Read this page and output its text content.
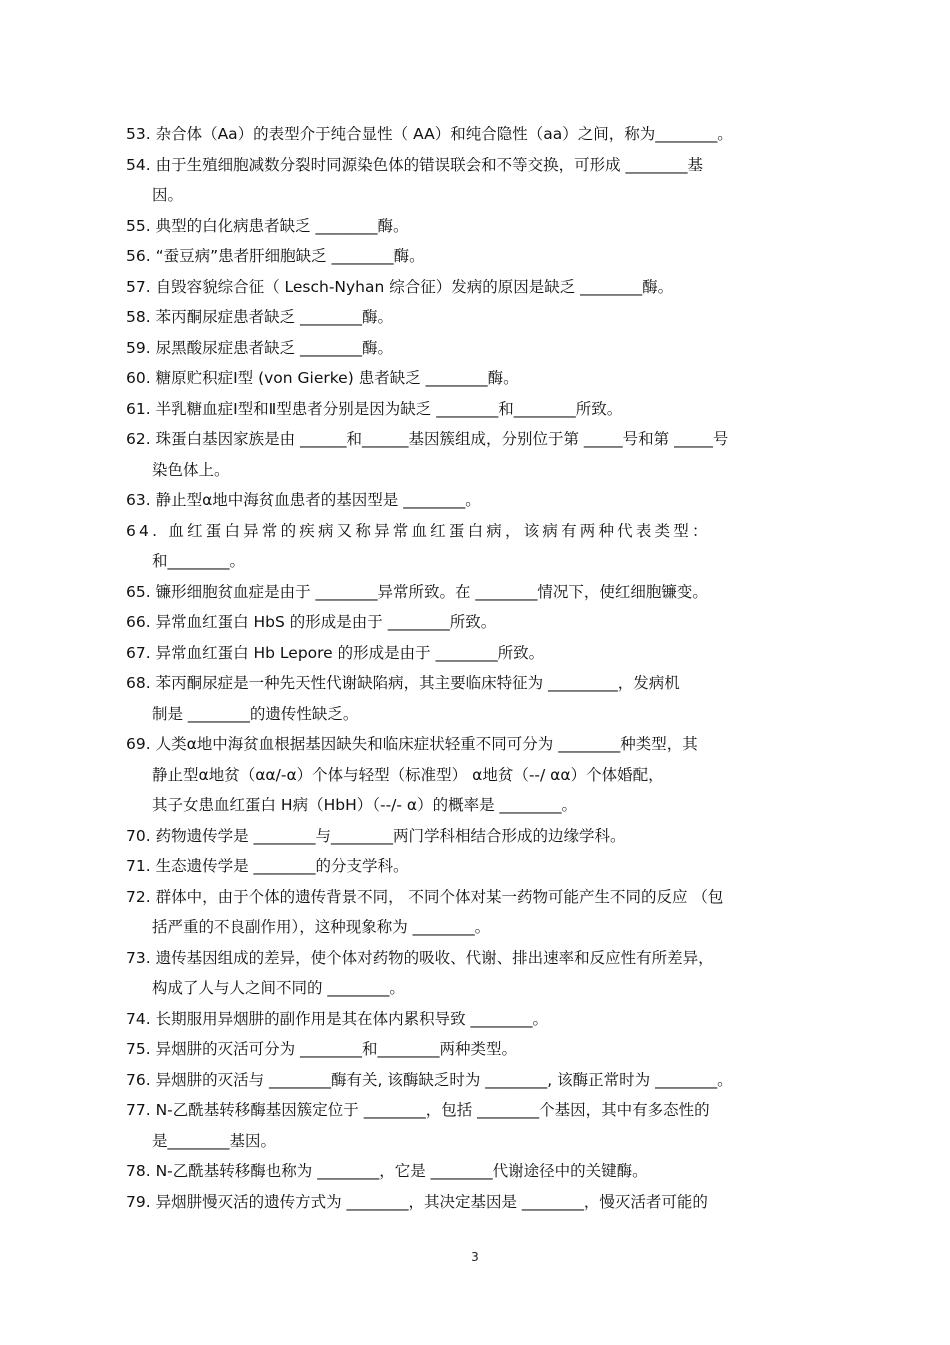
53. 杂合体（Aa）的表型介于纯合显性（ AA）和纯合隐性（aa）之间，称为________。
54. 由于生殖细胞减数分裂时同源染色体的错误联会和不等交换，可形成 ________基
因。
55. 典型的白化病患者缺乏 ________酶。
56. “蚕豆病”患者肝细胞缺乏 ________酶。
57. 自毁容貌综合征（ Lesch-Nyhan 综合征）发病的原因是缺乏 ________酶。
58. 苯丙酮尿症患者缺乏 ________酶。
59. 尿黑酸尿症患者缺乏 ________酶。
60. 糖原贮积症Ⅰ型 (von Gierke) 患者缺乏 ________酶。
61. 半乳糖血症Ⅰ型和Ⅱ型患者分别是因为缺乏 ________和________所致。
62. 珠蛋白基因家族是由 ______和______基因簇组成，分别位于第 _____号和第 _____号
染色体上。
63. 静止型α地中海贫血患者的基因型是 ________。
64. 血红蛋白异常的疾病又称异常血红蛋白病，该病有两种代表类型：
和________。
65. 镰形细胞贫血症是由于 ________异常所致。在 ________情况下，使红细胞镰变。
66. 异常血红蛋白 HbS 的形成是由于 ________所致。
67. 异常血红蛋白 Hb Lepore 的形成是由于 ________所致。
68. 苯丙酮尿症是一种先天性代谢缺陷病，其主要临床特征为 _________，发病机
制是 ________的遗传性缺乏。
69. 人类α地中海贫血根据基因缺失和临床症状轻重不同可分为 ________种类型，其
静止型α地贫（αα/-α）个体与轻型（标准型） α地贫（--/ αα）个体婚配，
其子女患血红蛋白 H病（HbH）（--/- α）的概率是 ________。
70. 药物遗传学是 ________与________两门学科相结合形成的边缘学科。
71. 生态遗传学是 ________的分支学科。
72. 群体中，由于个体的遗传背景不同， 不同个体对某一药物可能产生不同的反应 （包
括严重的不良副作用），这种现象称为 ________。
73. 遗传基因组成的差异，使个体对药物的吸收、代谢、排出速率和反应性有所差异，
构成了人与人之间不同的 ________。
74. 长期服用异烟肼的副作用是其在体内累积导致 ________。
75. 异烟肼的灭活可分为 ________和________两种类型。
76. 异烟肼的灭活与 ________酶有关, 该酶缺乏时为 ________, 该酶正常时为 ________。
77. N-乙酰基转移酶基因簇定位于 ________，包括 ________个基因，其中有多态性的
是________基因。
78. N-乙酰基转移酶也称为 ________，它是 ________代谢途径中的关键酶。
79. 异烟肼慢灭活的遗传方式为 ________，其决定基因是 ________，慢灭活者可能的
3
